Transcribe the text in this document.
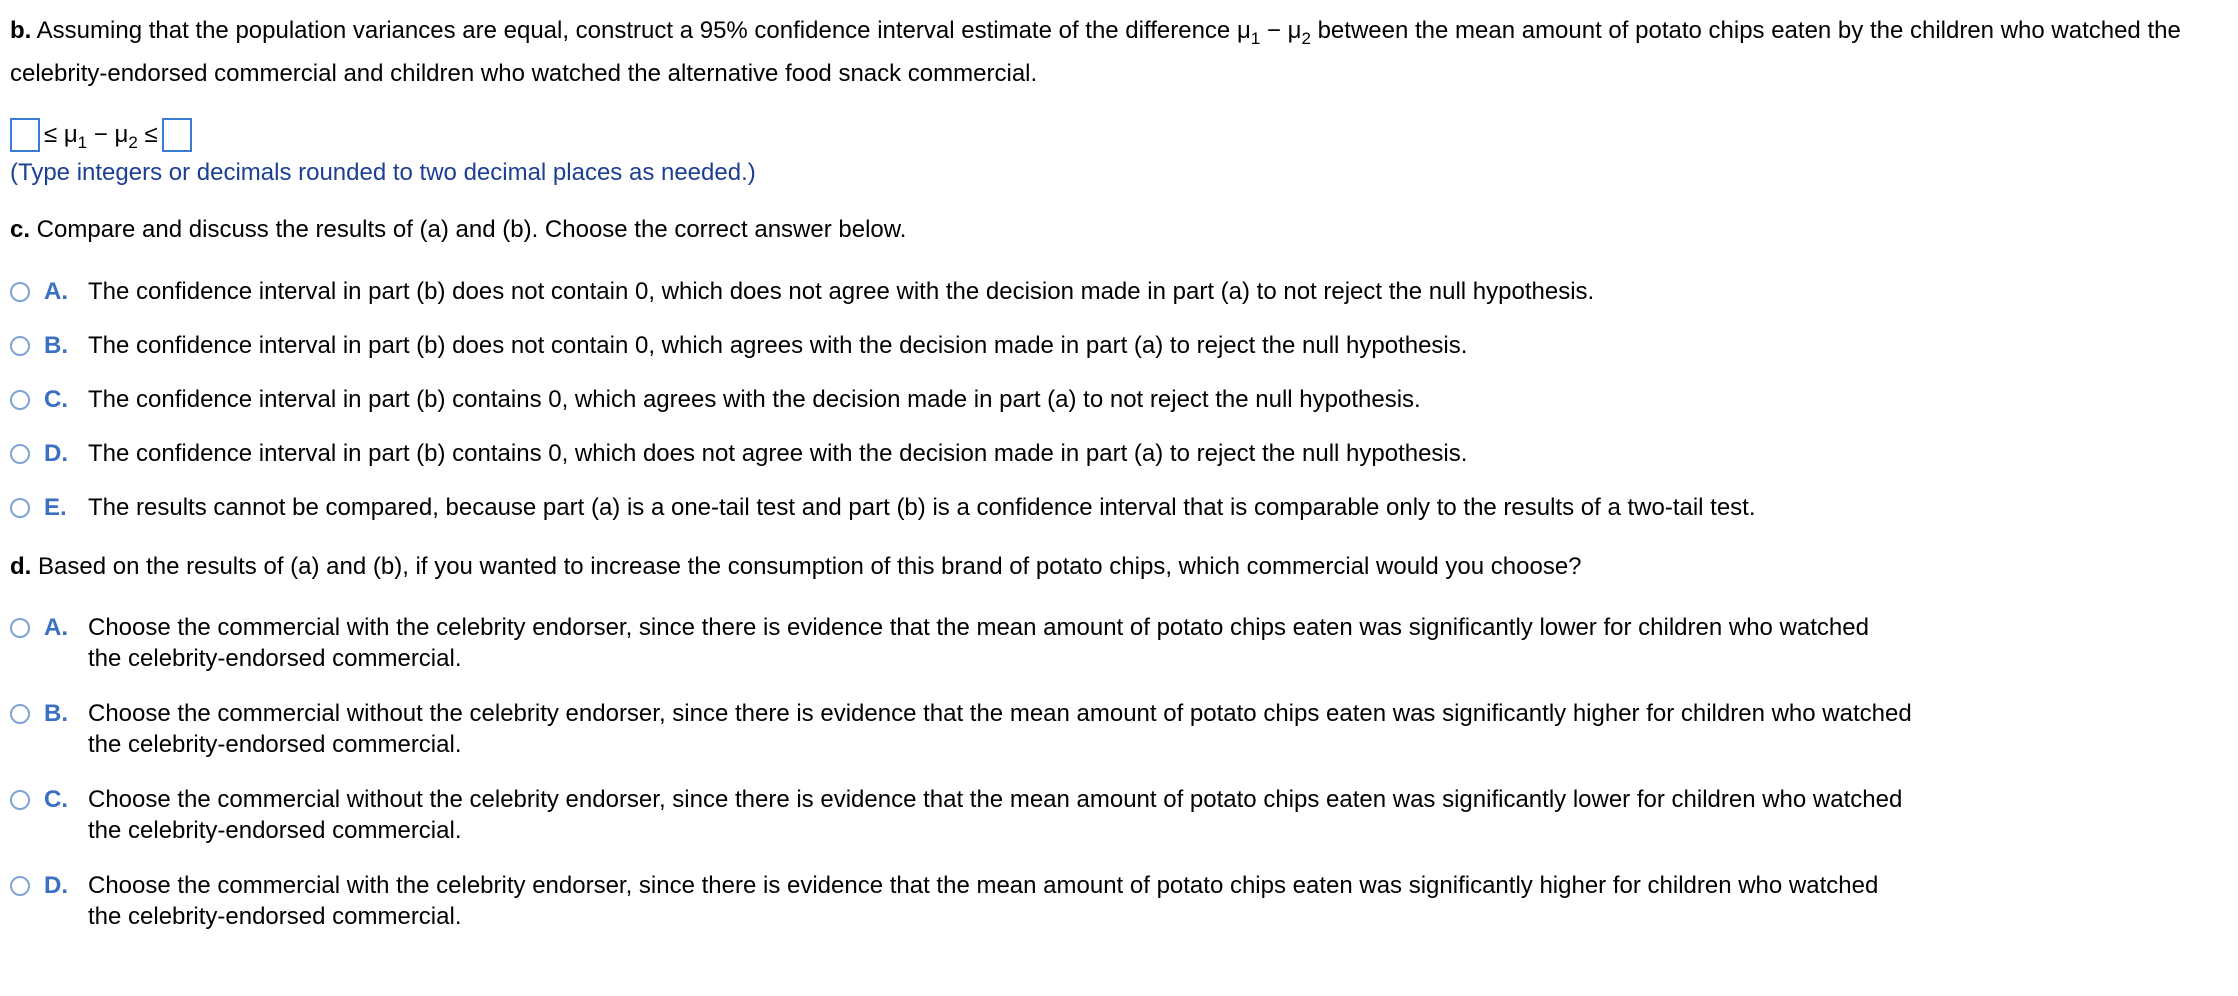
b. Assuming that the population variances are equal, construct a 95% confidence interval estimate of the difference $\mu_1 - \mu_2$ between the mean amount of potato chips eaten by the children who watched the celebrity-endorsed commercial and children who watched the alternative food snack commercial.

≤ $\mu_1 - \mu_2$ ≤
(Type integers or decimals rounded to two decimal places as needed.)
c. Compare and discuss the results of (a) and (b). Choose the correct answer below.
A. The confidence interval in part (b) does not contain 0, which does not agree with the decision made in part (a) to not reject the null hypothesis.
B. The confidence interval in part (b) does not contain 0, which agrees with the decision made in part (a) to reject the null hypothesis.
C. The confidence interval in part (b) contains 0, which agrees with the decision made in part (a) to not reject the null hypothesis.
D. The confidence interval in part (b) contains 0, which does not agree with the decision made in part (a) to reject the null hypothesis.
E. The results cannot be compared, because part (a) is a one-tail test and part (b) is a confidence interval that is comparable only to the results of a two-tail test.
d. Based on the results of (a) and (b), if you wanted to increase the consumption of this brand of potato chips, which commercial would you choose?
A. Choose the commercial with the celebrity endorser, since there is evidence that the mean amount of potato chips eaten was significantly lower for children who watched
the celebrity-endorsed commercial.
B. Choose the commercial without the celebrity endorser, since there is evidence that the mean amount of potato chips eaten was significantly higher for children who watched
the celebrity-endorsed commercial.
C. Choose the commercial without the celebrity endorser, since there is evidence that the mean amount of potato chips eaten was significantly lower for children who watched
the celebrity-endorsed commercial.
D. Choose the commercial with the celebrity endorser, since there is evidence that the mean amount of potato chips eaten was significantly higher for children who watched
the celebrity-endorsed commercial.
